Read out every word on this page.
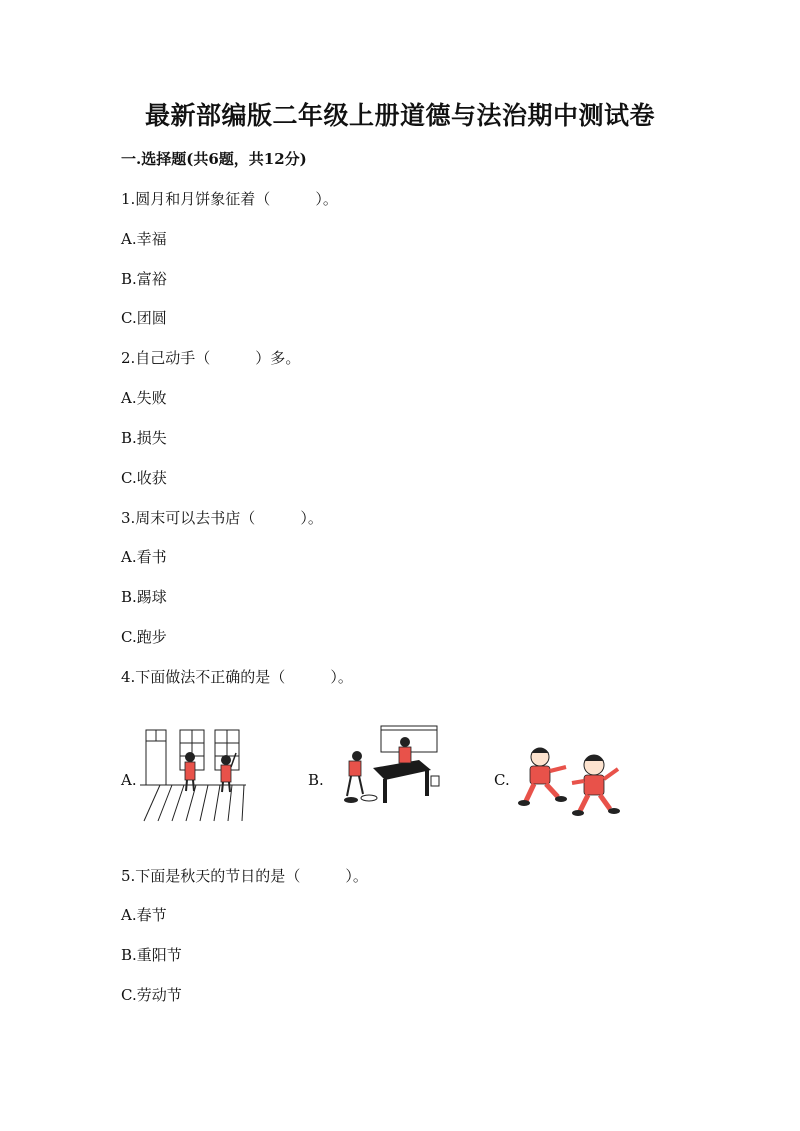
最新部编版二年级上册道德与法治期中测试卷
一.选择题(共6题，共12分)
1.圆月和月饼象征着（　　　）。
A.幸福
B.富裕
C.团圆
2.自己动手（　　　）多。
A.失败
B.损失
C.收获
3.周末可以去书店（　　　）。
A.看书
B.踢球
C.跑步
4.下面做法不正确的是（　　　）。
A.	B.	C.
5.下面是秋天的节日的是（　　　）。
A.春节
B.重阳节
C.劳动节
